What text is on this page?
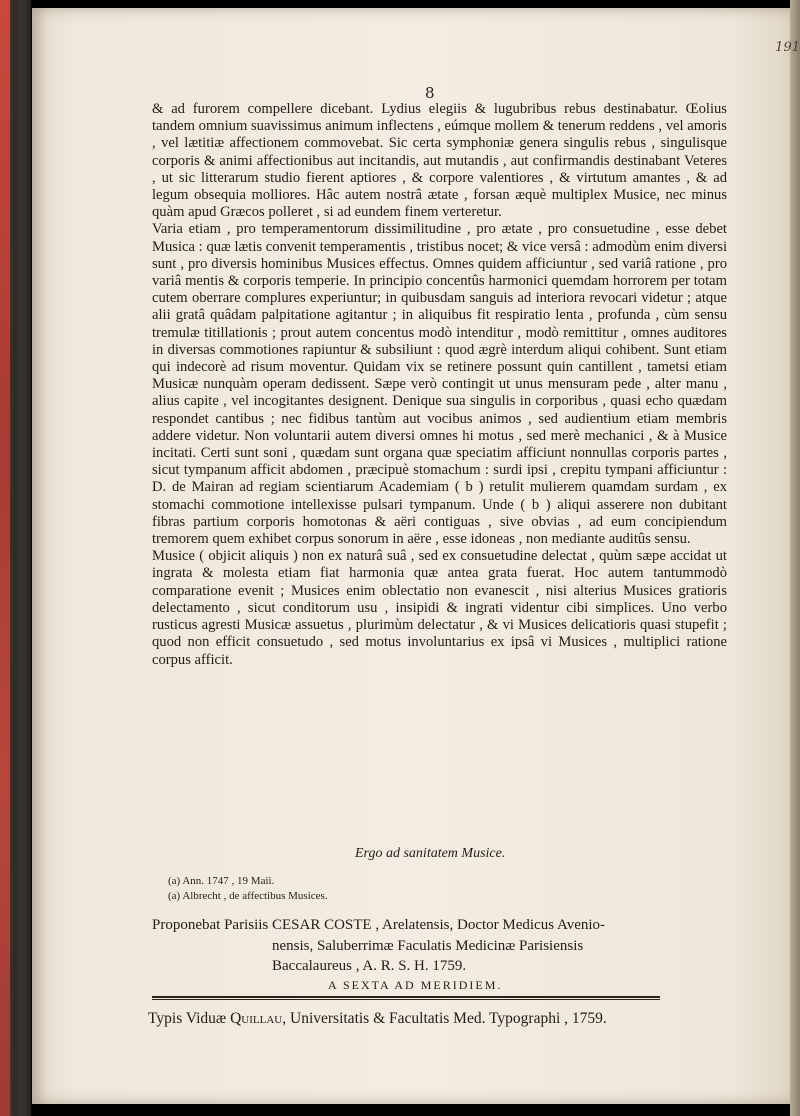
191
8

& ad furorem compellere dicebant. Lydius elegiis & lugubribus rebus destinabatur. Œolius tandem omnium suavissimus animum inflectens , eúmque mollem & tenerum reddens , vel amoris , vel lætitiæ affectionem commovebat. Sic certa symphoniæ genera singulis rebus , singulisque corporis & animi affectionibus aut incitandis, aut mutandis , aut confirmandis destinabant Veteres , ut sic litterarum studio fierent aptiores , & corpore valentiores , & virtutum amantes , & ad legum obsequia molliores. Hâc autem nostrâ ætate , forsan æquè multiplex Musice, nec minus quàm apud Græcos polleret , si ad eundem finem verteretur.

Varia etiam , pro temperamentorum dissimilitudine , pro ætate , pro consuetudine , esse debet Musica : quæ lætis convenit temperamentis , tristibus nocet; & vice versâ : admodùm enim diversi sunt , pro diversis hominibus Musices effectus. Omnes quidem afficiuntur , sed variâ ratione , pro variâ mentis & corporis temperie. In principio concentûs harmonici quemdam horrorem per totam cutem oberrare complures experiuntur; in quibusdam sanguis ad interiora revocari videtur ; atque alii gratâ quâdam palpitatione agitantur ; in aliquibus fit respiratio lenta , profunda , cùm sensu tremulæ titillationis ; prout autem concentus modò intenditur , modò remittitur , omnes auditores in diversas commotiones rapiuntur & subsiliunt : quod ægrè interdum aliqui cohibent. Sunt etiam qui indecorè ad risum moventur. Quidam vix se retinere possunt quin cantillent , tametsi etiam Musicæ nunquàm operam dedissent. Sæpe verò contingit ut unus mensuram pede , alter manu , alius capite , vel incogitantes designent. Denique sua singulis in corporibus , quasi echo quædam respondet cantibus ; nec fidibus tantùm aut vocibus animos , sed audientium etiam membris addere videtur. Non voluntarii autem diversi omnes hi motus , sed merè mechanici , & à Musice incitati. Certi sunt soni , quædam sunt organa quæ speciatim afficiunt nonnullas corporis partes , sicut tympanum afficit abdomen , præcipuè stomachum : surdi ipsi , crepitu tympani afficiuntur : D. de Mairan ad regiam scientiarum Academiam ( b ) retulit mulierem quamdam surdam , ex stomachi commotione intellexisse pulsari tympanum. Unde ( b ) aliqui asserere non dubitant fibras partium corporis homotonas & aëri contiguas , sive obvias , ad eum concipiendum tremorem quem exhibet corpus sonorum in aëre , esse idoneas , non mediante auditûs sensu.

Musice ( objicit aliquis ) non ex naturâ suâ , sed ex consuetudine delectat , quùm sæpe accidat ut ingrata & molesta etiam fiat harmonia quæ antea grata fuerat. Hoc autem tantummodò comparatione evenit ; Musices enim oblectatio non evanescit , nisi alterius Musices gratioris delectamento , sicut conditorum usu , insipidi & ingrati videntur cibi simplices. Uno verbo rusticus agresti Musicæ assuetus , plurimùm delectatur , & vi Musices delicatioris quasi stupefit ; quod non efficit consuetudo , sed motus involuntarius ex ipsâ vi Musices , multiplici ratione corpus afficit.

Ergo ad sanitatem Musice.
(a) Ann. 1747 , 19 Maii.
(a) Albrecht , de affectibus Musices.
Proponebat Parisiis CESAR COSTE , Arelatensis, Doctor Medicus Avenio-
nensis, Saluberrimæ Faculatis Medicinæ Parisiensis
Baccalaureus , A. R. S. H. 1759.
A SEXTA AD MERIDIEM.
Typis Viduæ Quillau, Universitatis & Facultatis Med. Typographi , 1759.
